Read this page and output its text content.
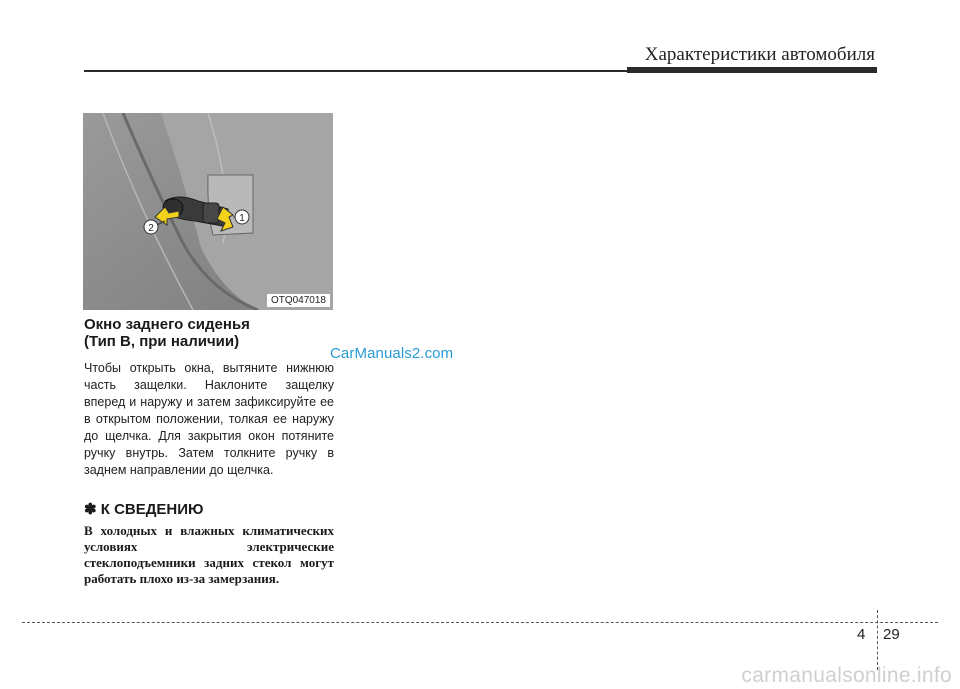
Характеристики автомобиля
2
1
OTQ047018
Окно заднего сиденья
(Тип В, при наличии)

Чтобы открыть окна, вытяните нижнюю часть защелки. Наклоните защелку вперед и наружу и затем зафиксируйте ее в открытом положении, толкая ее наружу до щелчка. Для закрытия окон потяните ручку внутрь. Затем толкните ручку в заднем направлении до щелчка.

✽ К СВЕДЕНИЮ

В холодных и влажных климатических условиях электрические стеклоподъемники задних стекол могут работать плохо из-за замерзания.

CarManuals2.com
4 29
carmanualsonline.info
